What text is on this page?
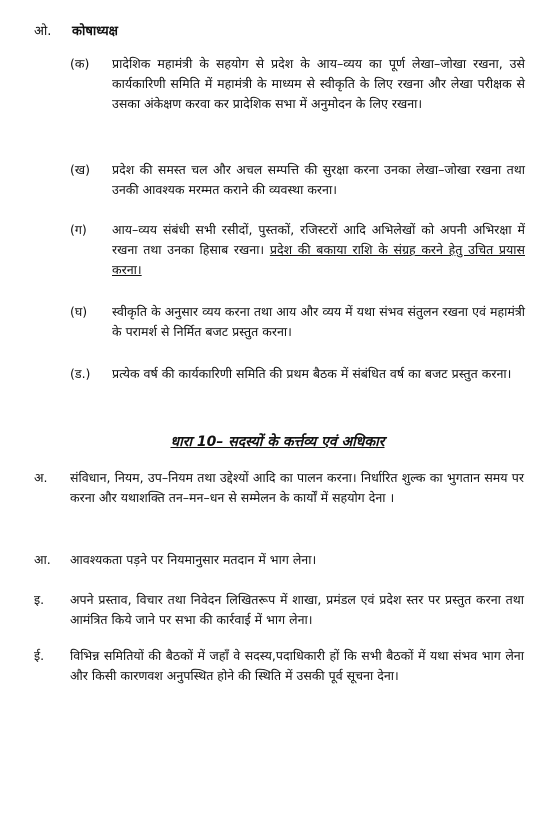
ओ. कोषाध्यक्ष
(क)	प्रादेशिक महामंत्री के सहयोग से प्रदेश के आय–व्यय का पूर्ण लेखा–जोखा रखना, उसे कार्यकारिणी समिति में महामंत्री के माध्यम से स्वीकृति के लिए रखना और लेखा परीक्षक से उसका अंकेक्षण करवा कर प्रादेशिक सभा में अनुमोदन के लिए रखना।
(ख)	प्रदेश की समस्त चल और अचल सम्पत्ति की सुरक्षा करना उनका लेखा–जोखा रखना तथा उनकी आवश्यक मरम्मत कराने की व्यवस्था करना।
(ग)	आय–व्यय संबंधी सभी रसीदों, पुस्तकों, रजिस्टरों आदि अभिलेखों को अपनी अभिरक्षा में रखना तथा उनका हिसाब रखना। प्रदेश की बकाया राशि के संग्रह करने हेतु उचित प्रयास करना।
(घ)	स्वीकृति के अनुसार व्यय करना तथा आय और व्यय में यथा संभव संतुलन रखना एवं महामंत्री के परामर्श से निर्मित बजट प्रस्तुत करना।
(ड.)	प्रत्येक वर्ष की कार्यकारिणी समिति की प्रथम बैठक में संबंधित वर्ष का बजट प्रस्तुत करना।
धारा 10– सदस्यों के कर्त्तव्य एवं अधिकार
अ.	संविधान, नियम, उप–नियम तथा उद्देश्यों आदि का पालन करना। निर्धारित शुल्क का भुगतान समय पर करना और यथाशक्ति तन–मन–धन से सम्मेलन के कार्यों में सहयोग देना ।
आ.	आवश्यकता पड़ने पर नियमानुसार मतदान में भाग लेना।
इ.	अपने प्रस्ताव, विचार तथा निवेदन लिखितरूप में शाखा, प्रमंडल एवं प्रदेश स्तर पर प्रस्तुत करना तथा आमंत्रित किये जाने पर सभा की कार्रवाई में भाग लेना।
ई.	विभिन्न समितियों की बैठकों में जहाँ वे सदस्य,पदाधिकारी हों कि सभी बैठकों में यथा संभव भाग लेना और किसी कारणवश अनुपस्थित होने की स्थिति में उसकी पूर्व सूचना देना।
